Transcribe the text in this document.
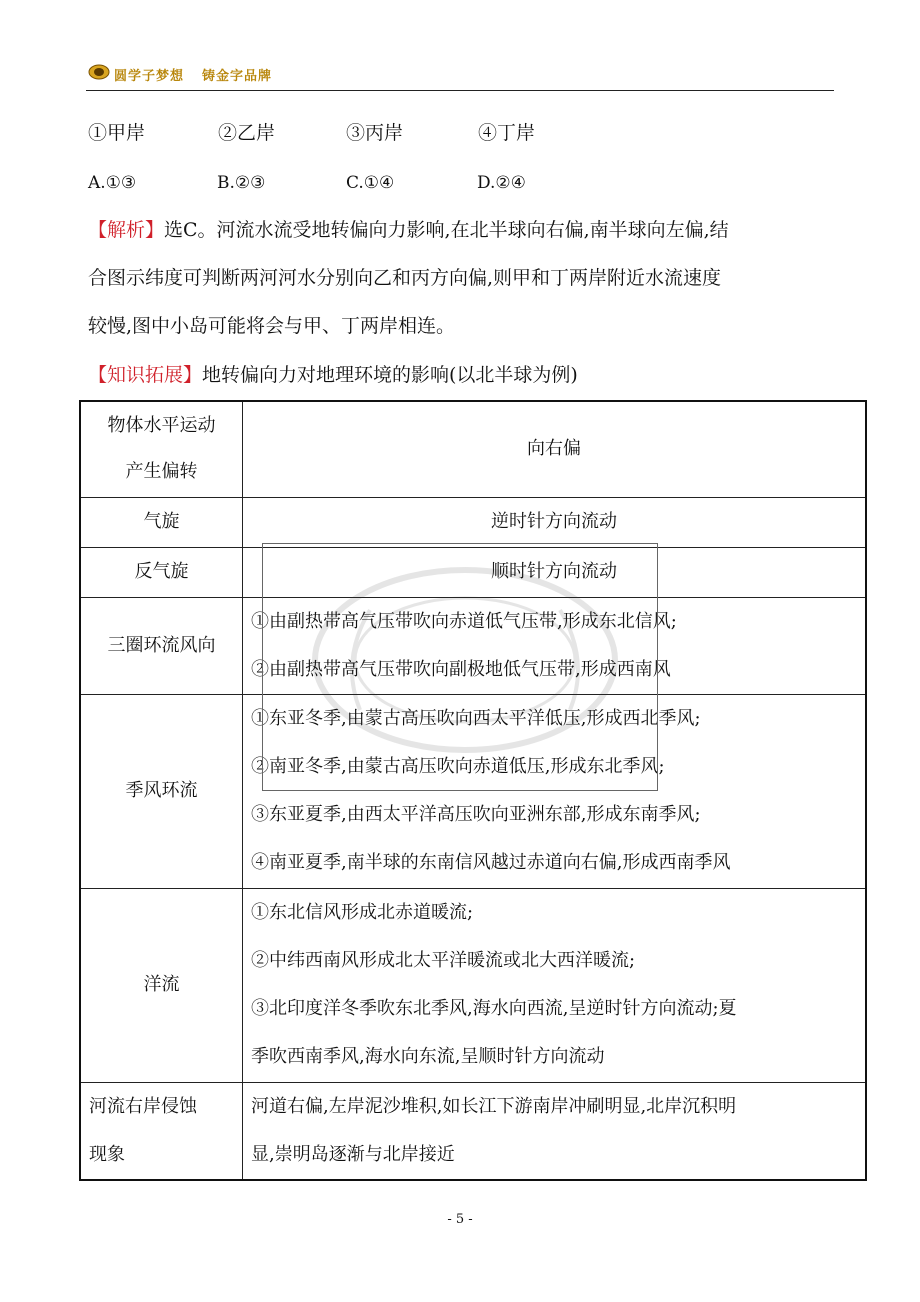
圆学子梦想 铸金字品牌
①甲岸	②乙岸	③丙岸	④丁岸
A.①③	B.②③	C.①④	D.②④
【解析】选C。河流水流受地转偏向力影响,在北半球向右偏,南半球向左偏,结
合图示纬度可判断两河河水分别向乙和丙方向偏,则甲和丁两岸附近水流速度
较慢,图中小岛可能将会与甲、丁两岸相连。
【知识拓展】地转偏向力对地理环境的影响(以北半球为例)
物体水平运动
产生偏转	向右偏

气旋	逆时针方向流动

反气旋	顺时针方向流动

三圈环流风向	①由副热带高气压带吹向赤道低气压带,形成东北信风;
②由副热带高气压带吹向副极地低气压带,形成西南风

季风环流	①东亚冬季,由蒙古高压吹向西太平洋低压,形成西北季风;
②南亚冬季,由蒙古高压吹向赤道低压,形成东北季风;
③东亚夏季,由西太平洋高压吹向亚洲东部,形成东南季风;
④南亚夏季,南半球的东南信风越过赤道向右偏,形成西南季风

洋流	①东北信风形成北赤道暖流;
②中纬西南风形成北太平洋暖流或北大西洋暖流;
③北印度洋冬季吹东北季风,海水向西流,呈逆时针方向流动;夏
季吹西南季风,海水向东流,呈顺时针方向流动

河流右岸侵蚀
现象	河道右偏,左岸泥沙堆积,如长江下游南岸冲刷明显,北岸沉积明
显,崇明岛逐渐与北岸接近
- 5 -
